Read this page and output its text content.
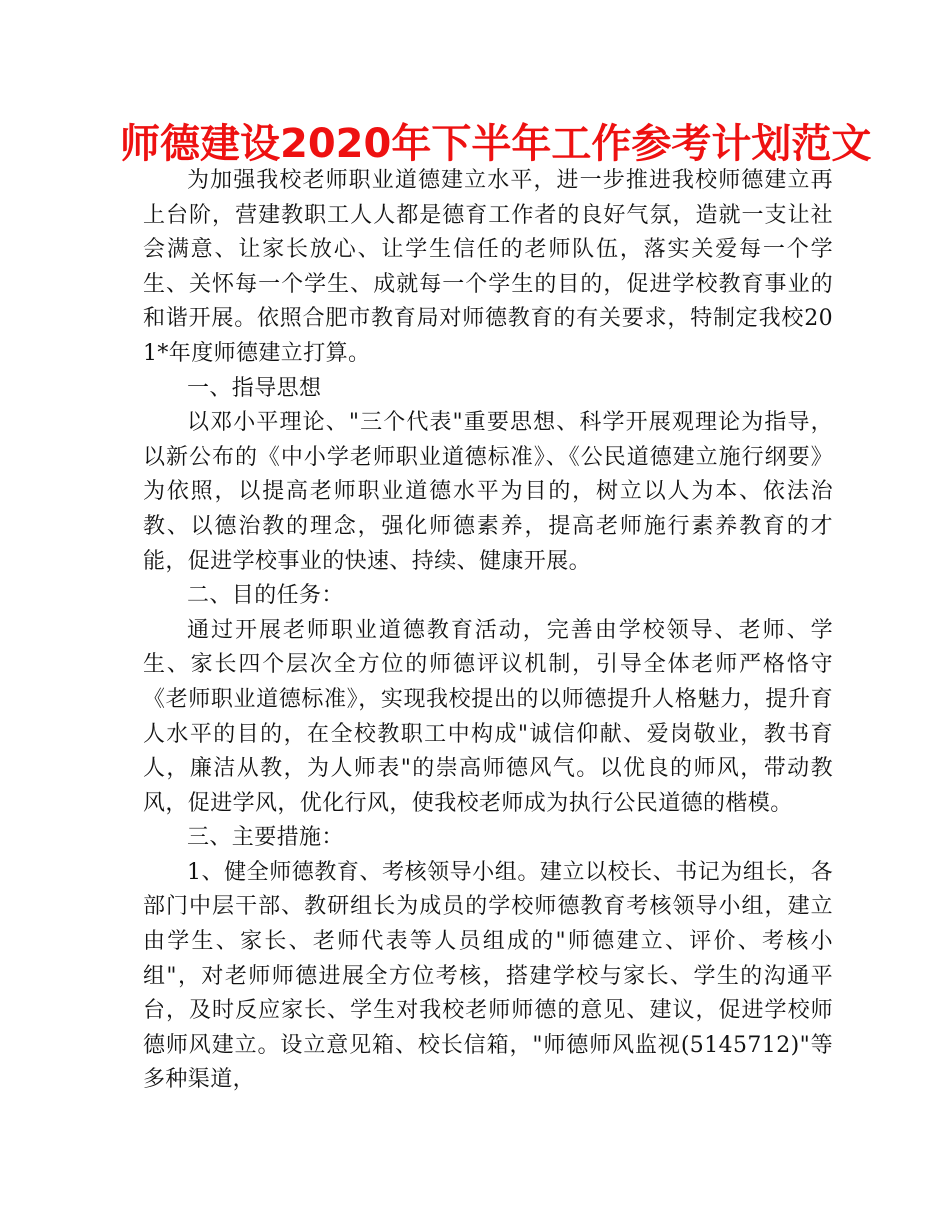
师德建设2020年下半年工作参考计划范文

为加强我校老师职业道德建立水平，进一步推进我校师德建立再上台阶，营建教职工人人都是德育工作者的良好气氛，造就一支让社会满意、让家长放心、让学生信任的老师队伍，落实关爱每一个学生、关怀每一个学生、成就每一个学生的目的，促进学校教育事业的和谐开展。依照合肥市教育局对师德教育的有关要求，特制定我校201*年度师德建立打算。

一、指导思想

以邓小平理论、"三个代表"重要思想、科学开展观理论为指导，以新公布的《中小学老师职业道德标准》、《公民道德建立施行纲要》为依照，以提高老师职业道德水平为目的，树立以人为本、依法治教、以德治教的理念，强化师德素养，提高老师施行素养教育的才能，促进学校事业的快速、持续、健康开展。

二、目的任务：

通过开展老师职业道德教育活动，完善由学校领导、老师、学生、家长四个层次全方位的师德评议机制，引导全体老师严格恪守《老师职业道德标准》，实现我校提出的以师德提升人格魅力，提升育人水平的目的，在全校教职工中构成"诚信仰献、爱岗敬业，教书育人，廉洁从教，为人师表"的崇高师德风气。以优良的师风，带动教风，促进学风，优化行风，使我校老师成为执行公民道德的楷模。

三、主要措施：

1、健全师德教育、考核领导小组。建立以校长、书记为组长，各部门中层干部、教研组长为成员的学校师德教育考核领导小组，建立由学生、家长、老师代表等人员组成的"师德建立、评价、考核小组"，对老师师德进展全方位考核，搭建学校与家长、学生的沟通平台，及时反应家长、学生对我校老师师德的意见、建议，促进学校师德师风建立。设立意见箱、校长信箱，"师德师风监视(5145712)"等多种渠道，
